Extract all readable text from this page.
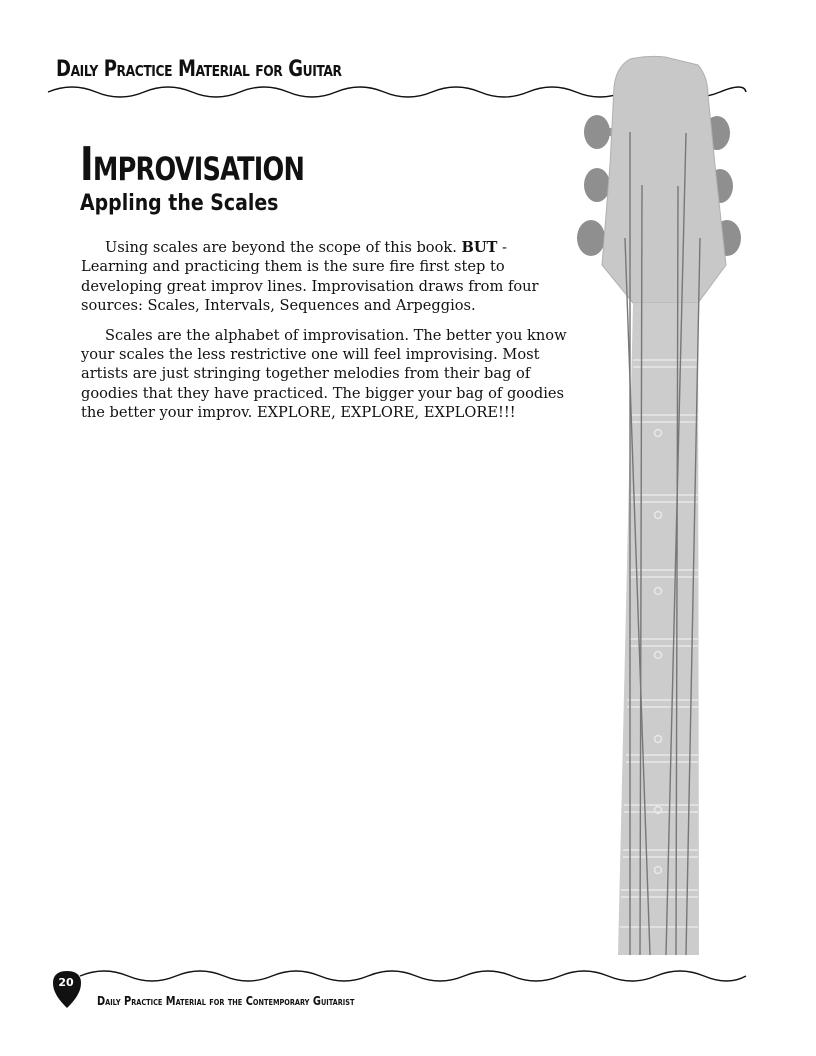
Daily Practice Material for Guitar
Improvisation
Appling the Scales

Using scales are beyond the scope of this book. BUT - Learning and practicing them is the sure fire first step to developing great improv lines. Improvisation draws from four sources: Scales, Intervals, Sequences and Arpeggios.

Scales are the alphabet of improvisation. The better you know your scales the less restrictive one will feel improvising. Most artists are just stringing together melodies from their bag of goodies that they have practiced. The bigger your bag of goodies the better your improv. EXPLORE, EXPLORE, EXPLORE!!!

20
Daily Practice Material for the Contemporary Guitarist
